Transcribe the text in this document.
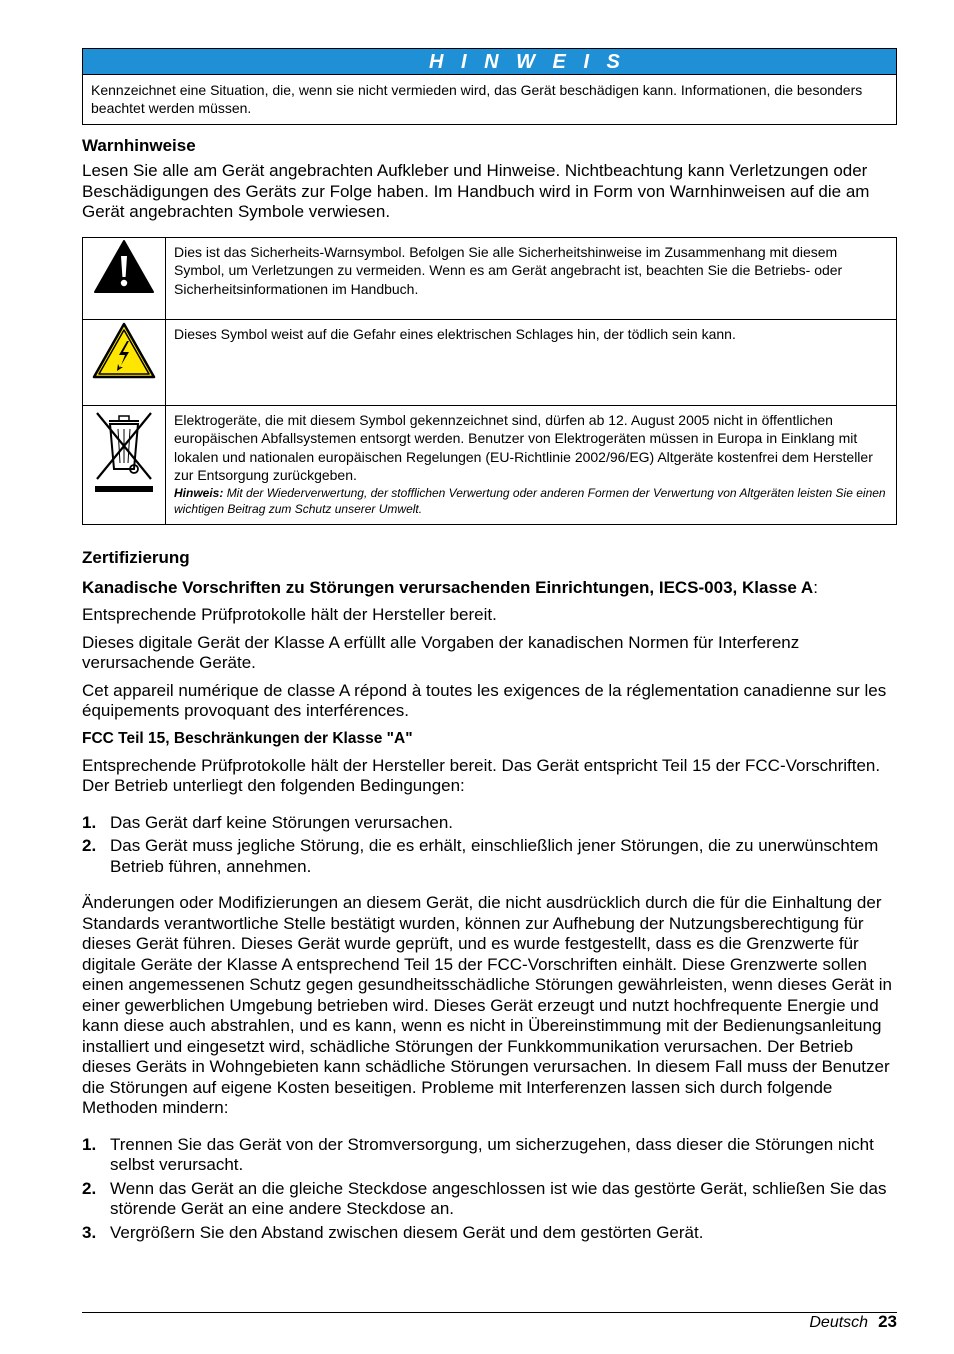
H I N W E I S
Kennzeichnet eine Situation, die, wenn sie nicht vermieden wird, das Gerät beschädigen kann. Informationen, die besonders beachtet werden müssen.
Warnhinweise

Lesen Sie alle am Gerät angebrachten Aufkleber und Hinweise. Nichtbeachtung kann Verletzungen oder Beschädigungen des Geräts zur Folge haben. Im Handbuch wird in Form von Warnhinweisen auf die am Gerät angebrachten Symbole verwiesen.

	Dies ist das Sicherheits-Warnsymbol. Befolgen Sie alle Sicherheitshinweise im Zusammenhang mit diesem Symbol, um Verletzungen zu vermeiden. Wenn es am Gerät angebracht ist, beachten Sie die Betriebs- oder Sicherheitsinformationen im Handbuch.
	Dieses Symbol weist auf die Gefahr eines elektrischen Schlages hin, der tödlich sein kann.

Elektrogeräte, die mit diesem Symbol gekennzeichnet sind, dürfen ab 12. August 2005 nicht in öffentlichen europäischen Abfallsystemen entsorgt werden. Benutzer von Elektrogeräten müssen in Europa in Einklang mit lokalen und nationalen europäischen Regelungen (EU-Richtlinie 2002/96/EG) Altgeräte kostenfrei dem Hersteller zur Entsorgung zurückgeben.
Hinweis: Mit der Wiederverwertung, der stofflichen Verwertung oder anderen Formen der Verwertung von Altgeräten leisten Sie einen wichtigen Beitrag zum Schutz unserer Umwelt.
Zertifizierung

Kanadische Vorschriften zu Störungen verursachenden Einrichtungen, IECS-003, Klasse A:

Entsprechende Prüfprotokolle hält der Hersteller bereit.

Dieses digitale Gerät der Klasse A erfüllt alle Vorgaben der kanadischen Normen für Interferenz verursachende Geräte.

Cet appareil numérique de classe A répond à toutes les exigences de la réglementation canadienne sur les équipements provoquant des interférences.

FCC Teil 15, Beschränkungen der Klasse "A"

Entsprechende Prüfprotokolle hält der Hersteller bereit. Das Gerät entspricht Teil 15 der FCC-Vorschriften. Der Betrieb unterliegt den folgenden Bedingungen:

1. Das Gerät darf keine Störungen verursachen.
2. Das Gerät muss jegliche Störung, die es erhält, einschließlich jener Störungen, die zu unerwünschtem Betrieb führen, annehmen.

Änderungen oder Modifizierungen an diesem Gerät, die nicht ausdrücklich durch die für die Einhaltung der Standards verantwortliche Stelle bestätigt wurden, können zur Aufhebung der Nutzungsberechtigung für dieses Gerät führen. Dieses Gerät wurde geprüft, und es wurde festgestellt, dass es die Grenzwerte für digitale Geräte der Klasse A entsprechend Teil 15 der FCC-Vorschriften einhält. Diese Grenzwerte sollen einen angemessenen Schutz gegen gesundheitsschädliche Störungen gewährleisten, wenn dieses Gerät in einer gewerblichen Umgebung betrieben wird. Dieses Gerät erzeugt und nutzt hochfrequente Energie und kann diese auch abstrahlen, und es kann, wenn es nicht in Übereinstimmung mit der Bedienungsanleitung installiert und eingesetzt wird, schädliche Störungen der Funkkommunikation verursachen. Der Betrieb dieses Geräts in Wohngebieten kann schädliche Störungen verursachen. In diesem Fall muss der Benutzer die Störungen auf eigene Kosten beseitigen. Probleme mit Interferenzen lassen sich durch folgende Methoden mindern:

1. Trennen Sie das Gerät von der Stromversorgung, um sicherzugehen, dass dieser die Störungen nicht selbst verursacht.
2. Wenn das Gerät an die gleiche Steckdose angeschlossen ist wie das gestörte Gerät, schließen Sie das störende Gerät an eine andere Steckdose an.
3. Vergrößern Sie den Abstand zwischen diesem Gerät und dem gestörten Gerät.
Deutsch 23
